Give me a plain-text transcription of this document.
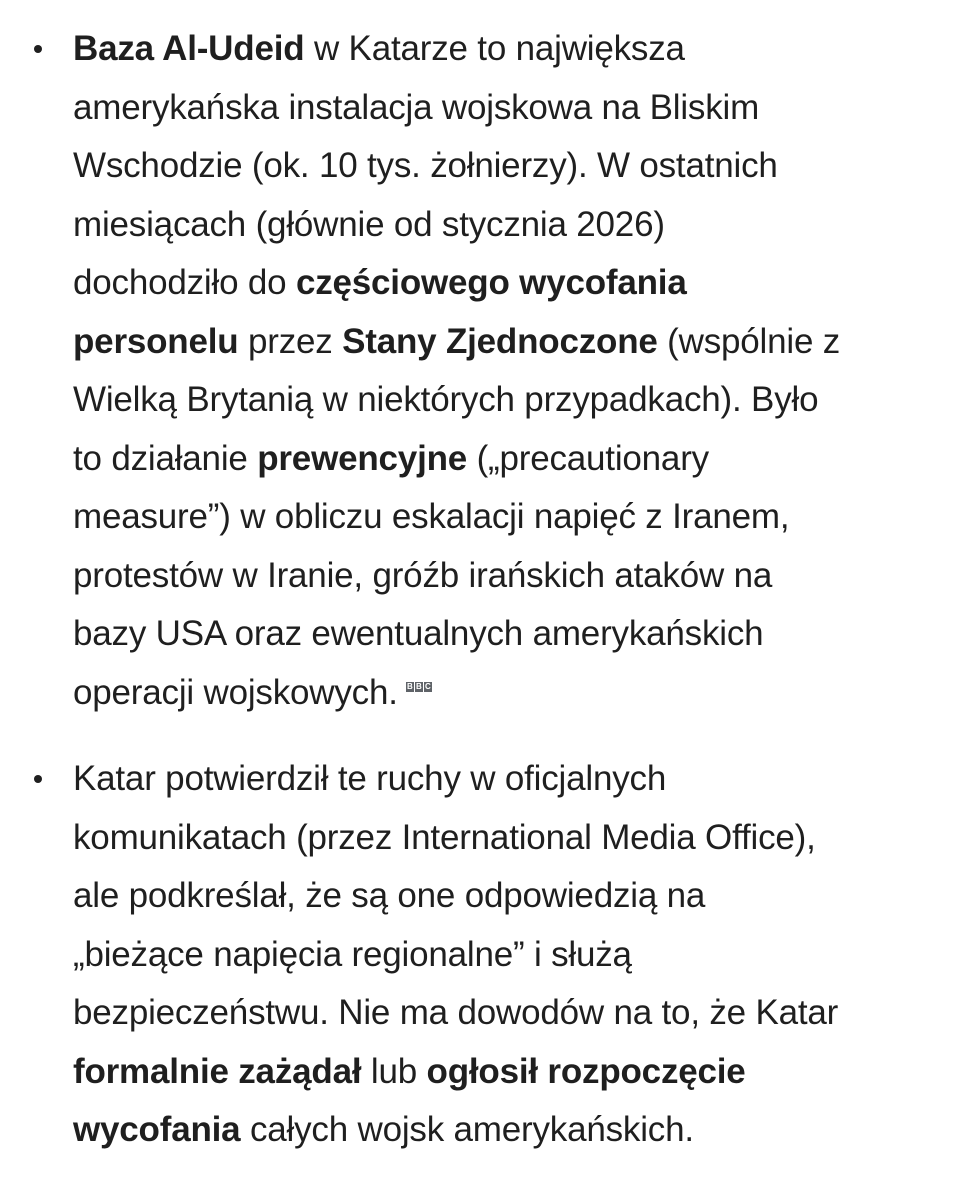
Baza Al-Udeid w Katarze to największa
amerykańska instalacja wojskowa na Bliskim
Wschodzie (ok. 10 tys. żołnierzy). W ostatnich
miesiącach (głównie od stycznia 2026)
dochodziło do częściowego wycofania
personelu przez Stany Zjednoczone (wspólnie z
Wielką Brytanią w niektórych przypadkach). Było
to działanie prewencyjne („precautionary
measure”) w obliczu eskalacji napięć z Iranem,
protestów w Iranie, gróźb irańskich ataków na
bazy USA oraz ewentualnych amerykańskich
operacji wojskowych. B B C

Katar potwierdził te ruchy w oficjalnych
komunikatach (przez International Media Office),
ale podkreślał, że są one odpowiedzią na
„bieżące napięcia regionalne” i służą
bezpieczeństwu. Nie ma dowodów na to, że Katar
formalnie zażądał lub ogłosił rozpoczęcie
wycofania całych wojsk amerykańskich.
